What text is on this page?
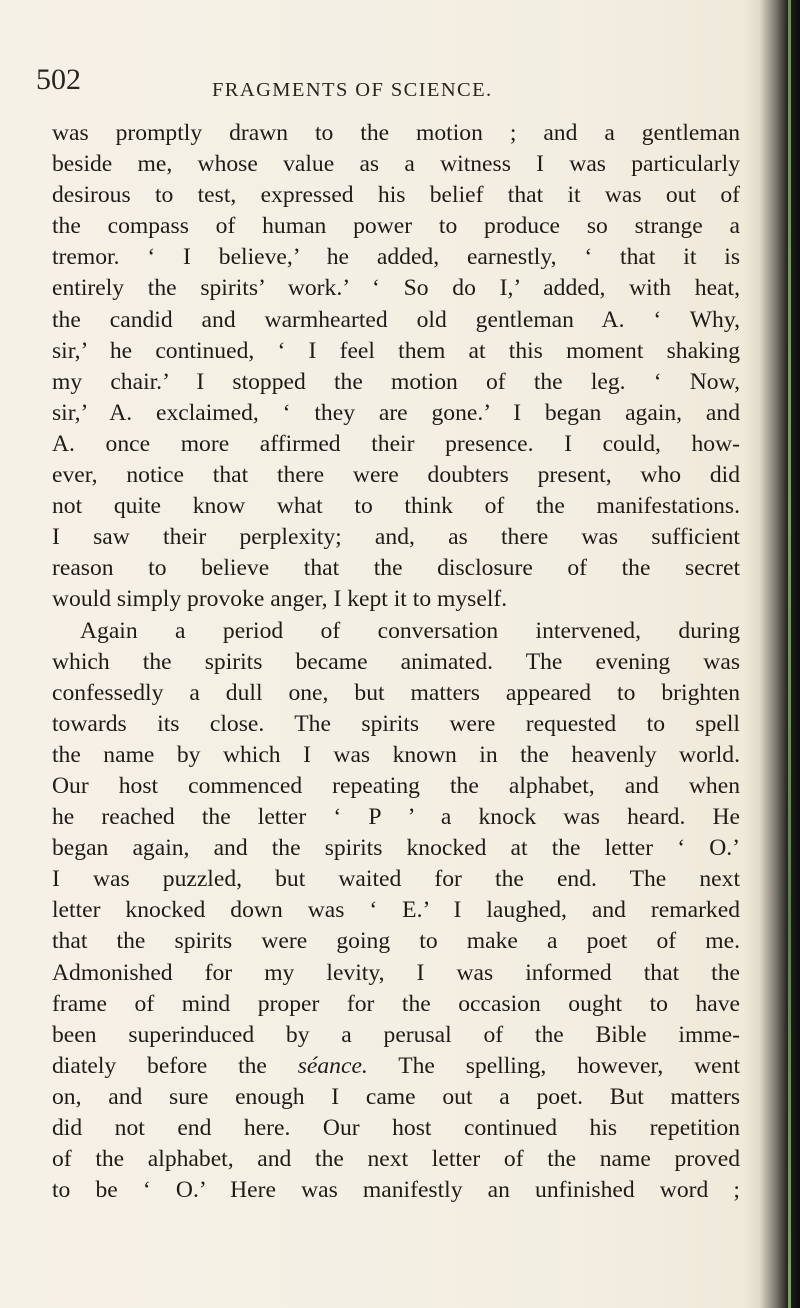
502	FRAGMENTS OF SCIENCE.
was promptly drawn to the motion ; and a gentleman
beside me, whose value as a witness I was particularly
desirous to test, expressed his belief that it was out of
the compass of human power to produce so strange a
tremor. ‘ I believe,’ he added, earnestly, ‘ that it is
entirely the spirits’ work.’ ‘ So do I,’ added, with heat,
the candid and warmhearted old gentleman A. ‘ Why,
sir,’ he continued, ‘ I feel them at this moment shaking
my chair.’ I stopped the motion of the leg. ‘ Now,
sir,’ A. exclaimed, ‘ they are gone.’ I began again, and
A. once more affirmed their presence. I could, how-
ever, notice that there were doubters present, who did
not quite know what to think of the manifestations.
I saw their perplexity; and, as there was sufficient
reason to believe that the disclosure of the secret
would simply provoke anger, I kept it to myself.
Again a period of conversation intervened, during
which the spirits became animated. The evening was
confessedly a dull one, but matters appeared to brighten
towards its close. The spirits were requested to spell
the name by which I was known in the heavenly world.
Our host commenced repeating the alphabet, and when
he reached the letter ‘ P ’ a knock was heard. He
began again, and the spirits knocked at the letter ‘ O.’
I was puzzled, but waited for the end. The next
letter knocked down was ‘ E.’ I laughed, and remarked
that the spirits were going to make a poet of me.
Admonished for my levity, I was informed that the
frame of mind proper for the occasion ought to have
been superinduced by a perusal of the Bible imme-
diately before the séance. The spelling, however, went
on, and sure enough I came out a poet. But matters
did not end here. Our host continued his repetition
of the alphabet, and the next letter of the name proved
to be ‘ O.’ Here was manifestly an unfinished word ;
